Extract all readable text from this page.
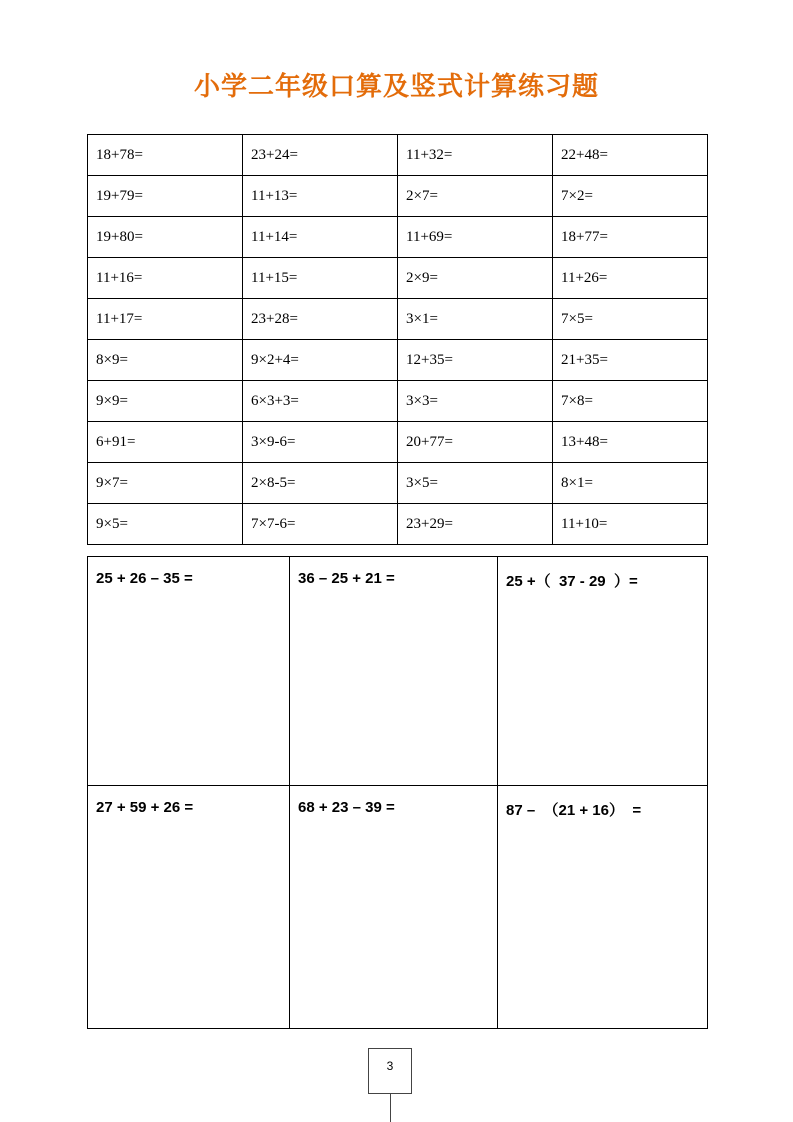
小学二年级口算及竖式计算练习题
18+78=	23+24=	11+32=	22+48=
19+79=	11+13=	2×7=	7×2=
19+80=	11+14=	11+69=	18+77=
11+16=	11+15=	2×9=	11+26=
11+17=	23+28=	3×1=	7×5=
8×9=	9×2+4=	12+35=	21+35=
9×9=	6×3+3=	3×3=	7×8=
6+91=	3×9-6=	20+77=	13+48=
9×7=	2×8-5=	3×5=	8×1=
9×5=	7×7-6=	23+29=	11+10=
25 + 26 – 35 =	36 – 25 + 21 =	25 +（  37 - 29  ）=
27 + 59 + 26 =	68 + 23 – 39 =	87 –  （21 + 16）  =
3
